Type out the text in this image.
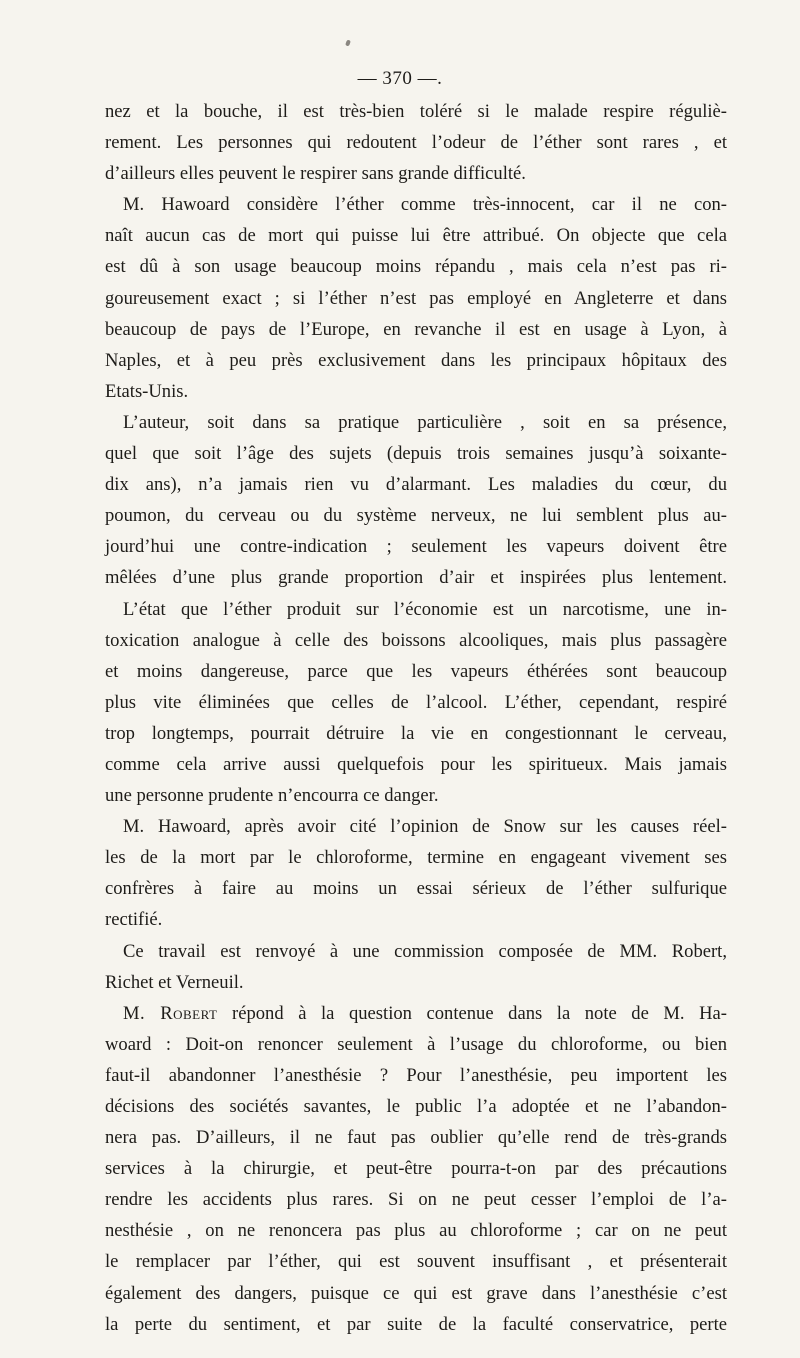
— 370 —.
nez et la bouche, il est très-bien toléré si le malade respire réguliè-
rement. Les personnes qui redoutent l’odeur de l’éther sont rares , et
d’ailleurs elles peuvent le respirer sans grande difficulté.
M. Hawoard considère l’éther comme très-innocent, car il ne con-
naît aucun cas de mort qui puisse lui être attribué. On objecte que cela
est dû à son usage beaucoup moins répandu , mais cela n’est pas ri-
goureusement exact ; si l’éther n’est pas employé en Angleterre et dans
beaucoup de pays de l’Europe, en revanche il est en usage à Lyon, à
Naples, et à peu près exclusivement dans les principaux hôpitaux des
Etats-Unis.
L’auteur, soit dans sa pratique particulière , soit en sa présence,
quel que soit l’âge des sujets (depuis trois semaines jusqu’à soixante-
dix ans), n’a jamais rien vu d’alarmant. Les maladies du cœur, du
poumon, du cerveau ou du système nerveux, ne lui semblent plus au-
jourd’hui une contre-indication ; seulement les vapeurs doivent être
mêlées d’une plus grande proportion d’air et inspirées plus lentement.
L’état que l’éther produit sur l’économie est un narcotisme, une in-
toxication analogue à celle des boissons alcooliques, mais plus passagère
et moins dangereuse, parce que les vapeurs éthérées sont beaucoup
plus vite éliminées que celles de l’alcool. L’éther, cependant, respiré
trop longtemps, pourrait détruire la vie en congestionnant le cerveau,
comme cela arrive aussi quelquefois pour les spiritueux. Mais jamais
une personne prudente n’encourra ce danger.
M. Hawoard, après avoir cité l’opinion de Snow sur les causes réel-
les de la mort par le chloroforme, termine en engageant vivement ses
confrères à faire au moins un essai sérieux de l’éther sulfurique
rectifié.
Ce travail est renvoyé à une commission composée de MM. Robert,
Richet et Verneuil.
M. Robert répond à la question contenue dans la note de M. Ha-
woard : Doit-on renoncer seulement à l’usage du chloroforme, ou bien
faut-il abandonner l’anesthésie ? Pour l’anesthésie, peu importent les
décisions des sociétés savantes, le public l’a adoptée et ne l’abandon-
nera pas. D’ailleurs, il ne faut pas oublier qu’elle rend de très-grands
services à la chirurgie, et peut-être pourra-t-on par des précautions
rendre les accidents plus rares. Si on ne peut cesser l’emploi de l’a-
nesthésie , on ne renoncera pas plus au chloroforme ; car on ne peut
le remplacer par l’éther, qui est souvent insuffisant , et présenterait
également des dangers, puisque ce qui est grave dans l’anesthésie c’est
la perte du sentiment, et par suite de la faculté conservatrice, perte
